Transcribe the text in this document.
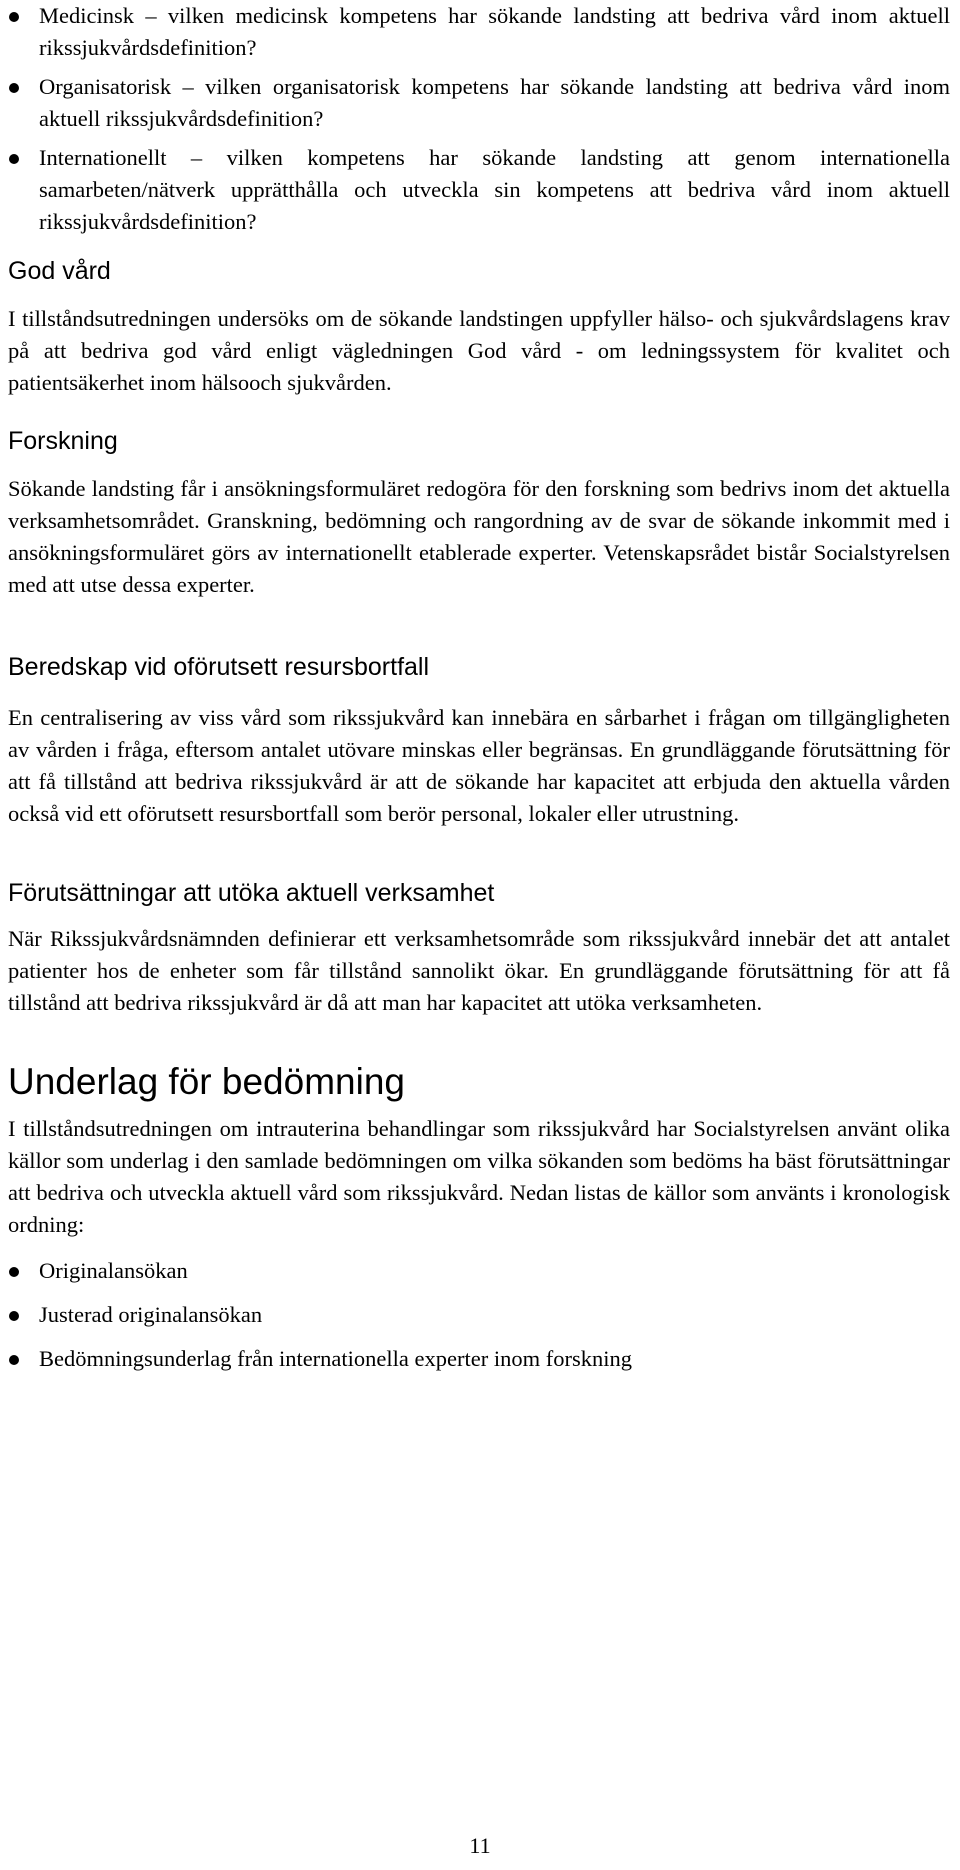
Medicinsk – vilken medicinsk kompetens har sökande landsting att bedriva vård inom aktuell rikssjukvårdsdefinition?
Organisatorisk – vilken organisatorisk kompetens har sökande landsting att bedriva vård inom aktuell rikssjukvårdsdefinition?
Internationellt – vilken kompetens har sökande landsting att genom internationella samarbeten/nätverk upprätthålla och utveckla sin kompetens att bedriva vård inom aktuell rikssjukvårdsdefinition?
God vård

I tillståndsutredningen undersöks om de sökande landstingen uppfyller hälso- och sjukvårdslagens krav på att bedriva god vård enligt vägledningen God vård - om ledningssystem för kvalitet och patientsäkerhet inom hälsooch sjukvården.

Forskning

Sökande landsting får i ansökningsformuläret redogöra för den forskning som bedrivs inom det aktuella verksamhetsområdet. Granskning, bedömning och rangordning av de svar de sökande inkommit med i ansökningsformuläret görs av internationellt etablerade experter. Vetenskapsrådet bistår Socialstyrelsen med att utse dessa experter.

Beredskap vid oförutsett resursbortfall

En centralisering av viss vård som rikssjukvård kan innebära en sårbarhet i frågan om tillgängligheten av vården i fråga, eftersom antalet utövare minskas eller begränsas. En grundläggande förutsättning för att få tillstånd att bedriva rikssjukvård är att de sökande har kapacitet att erbjuda den aktuella vården också vid ett oförutsett resursbortfall som berör personal, lokaler eller utrustning.

Förutsättningar att utöka aktuell verksamhet

När Rikssjukvårdsnämnden definierar ett verksamhetsområde som rikssjukvård innebär det att antalet patienter hos de enheter som får tillstånd sannolikt ökar. En grundläggande förutsättning för att få tillstånd att bedriva rikssjukvård är då att man har kapacitet att utöka verksamheten.

Underlag för bedömning

I tillståndsutredningen om intrauterina behandlingar som rikssjukvård har Socialstyrelsen använt olika källor som underlag i den samlade bedömningen om vilka sökanden som bedöms ha bäst förutsättningar att bedriva och utveckla aktuell vård som rikssjukvård. Nedan listas de källor som använts i kronologisk ordning:

Originalansökan
Justerad originalansökan
Bedömningsunderlag från internationella experter inom forskning
11
